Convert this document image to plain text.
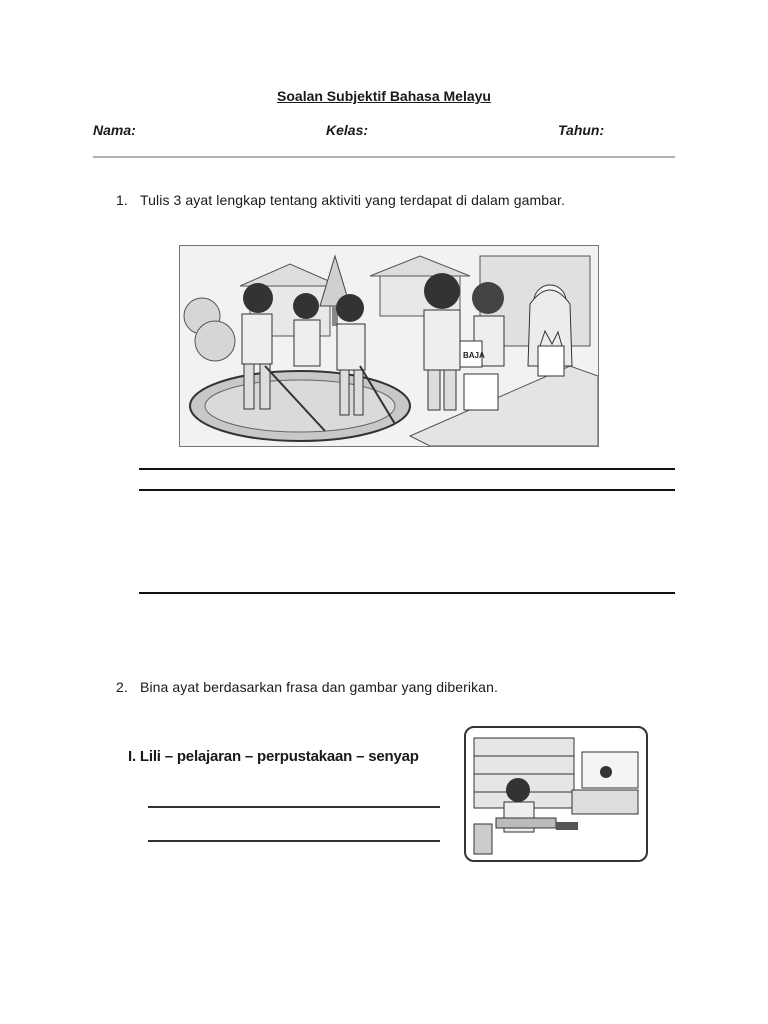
Soalan Subjektif Bahasa Melayu
Nama:	Kelas:	Tahun:
1. Tulis 3 ayat lengkap tentang aktiviti yang terdapat di dalam gambar.
BAJA
2. Bina ayat berdasarkan frasa dan gambar yang diberikan.
I. Lili – pelajaran – perpustakaan – senyap
